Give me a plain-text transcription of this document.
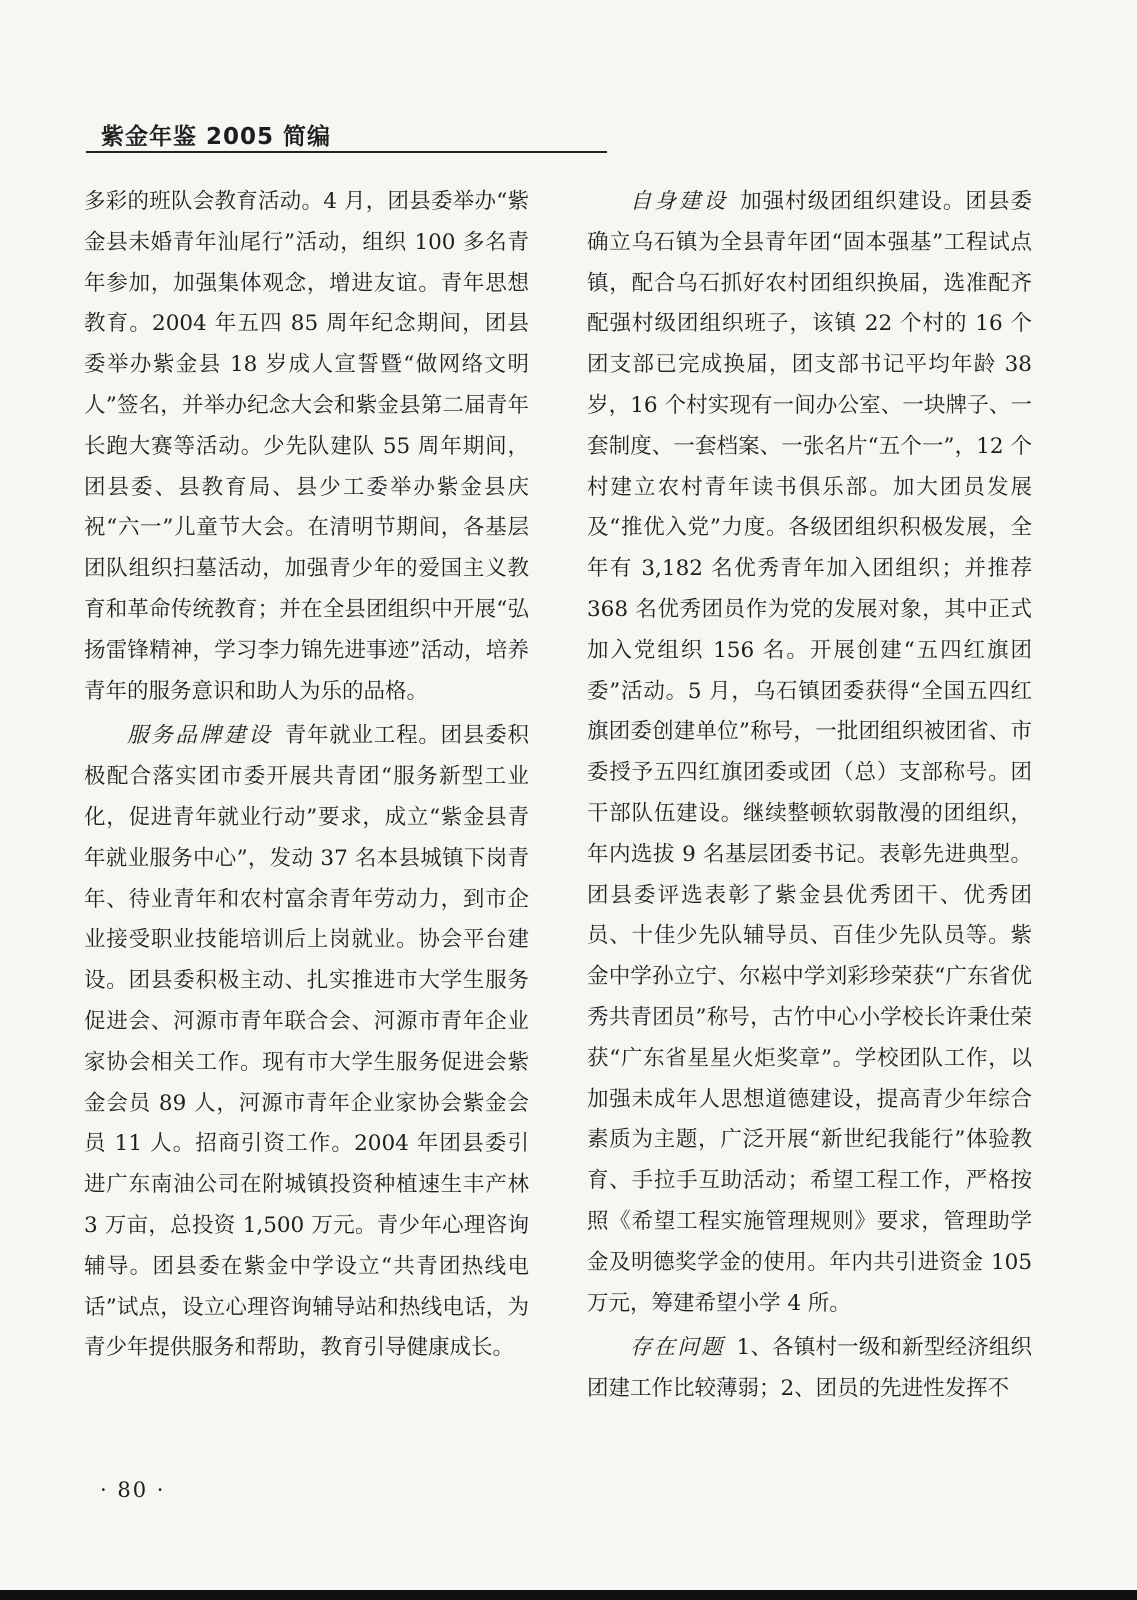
紫金年鉴 2005 简编

多彩的班队会教育活动。4 月，团县委举办“紫金县未婚青年汕尾行”活动，组织 100 多名青年参加，加强集体观念，增进友谊。青年思想教育。2004 年五四 85 周年纪念期间，团县委举办紫金县 18 岁成人宣誓暨“做网络文明人”签名，并举办纪念大会和紫金县第二届青年长跑大赛等活动。少先队建队 55 周年期间，团县委、县教育局、县少工委举办紫金县庆祝“六一”儿童节大会。在清明节期间，各基层团队组织扫墓活动，加强青少年的爱国主义教育和革命传统教育；并在全县团组织中开展“弘扬雷锋精神，学习李力锦先进事迹”活动，培养青年的服务意识和助人为乐的品格。

服务品牌建设 青年就业工程。团县委积极配合落实团市委开展共青团“服务新型工业化，促进青年就业行动”要求，成立“紫金县青年就业服务中心”，发动 37 名本县城镇下岗青年、待业青年和农村富余青年劳动力，到市企业接受职业技能培训后上岗就业。协会平台建设。团县委积极主动、扎实推进市大学生服务促进会、河源市青年联合会、河源市青年企业家协会相关工作。现有市大学生服务促进会紫金会员 89 人，河源市青年企业家协会紫金会员 11 人。招商引资工作。2004 年团县委引进广东南油公司在附城镇投资种植速生丰产林 3 万亩，总投资 1,500 万元。青少年心理咨询辅导。团县委在紫金中学设立“共青团热线电话”试点，设立心理咨询辅导站和热线电话，为青少年提供服务和帮助，教育引导健康成长。

自身建设 加强村级团组织建设。团县委确立乌石镇为全县青年团“固本强基”工程试点镇，配合乌石抓好农村团组织换届，选准配齐配强村级团组织班子，该镇 22 个村的 16 个团支部已完成换届，团支部书记平均年龄 38 岁，16 个村实现有一间办公室、一块牌子、一套制度、一套档案、一张名片“五个一”，12 个村建立农村青年读书俱乐部。加大团员发展及“推优入党”力度。各级团组织积极发展，全年有 3,182 名优秀青年加入团组织；并推荐 368 名优秀团员作为党的发展对象，其中正式加入党组织 156 名。开展创建“五四红旗团委”活动。5 月，乌石镇团委获得“全国五四红旗团委创建单位”称号，一批团组织被团省、市委授予五四红旗团委或团（总）支部称号。团干部队伍建设。继续整顿软弱散漫的团组织，年内选拔 9 名基层团委书记。表彰先进典型。团县委评选表彰了紫金县优秀团干、优秀团员、十佳少先队辅导员、百佳少先队员等。紫金中学孙立宁、尔崧中学刘彩珍荣获“广东省优秀共青团员”称号，古竹中心小学校长许秉仕荣获“广东省星星火炬奖章”。学校团队工作，以加强未成年人思想道德建设，提高青少年综合素质为主题，广泛开展“新世纪我能行”体验教育、手拉手互助活动；希望工程工作，严格按照《希望工程实施管理规则》要求，管理助学金及明德奖学金的使用。年内共引进资金 105 万元，筹建希望小学 4 所。

存在问题 1、各镇村一级和新型经济组织团建工作比较薄弱；2、团员的先进性发挥不

· 80 ·
